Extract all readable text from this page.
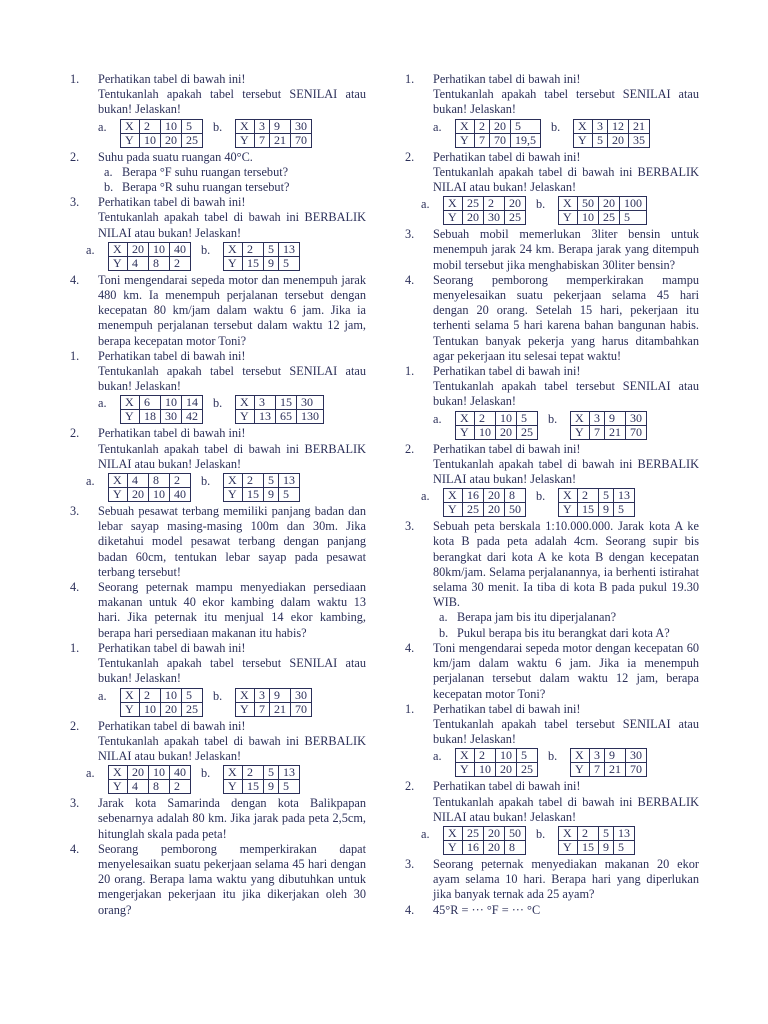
1. Perhatikan tabel di bawah ini!

Tentukanlah apakah tabel tersebut SENILAI atau bukan! Jelaskan!

a.	X	2	10	5
Y	10	20	25
b.	X	3	9	30
Y	7	21	70
2. Suhu pada suatu ruangan 40°C.

a. Berapa °F suhu ruangan tersebut?
b. Berapa °R suhu ruangan tersebut?
3. Perhatikan tabel di bawah ini!

Tentukanlah apakah tabel di bawah ini BERBALIK NILAI atau bukan! Jelaskan!

a.	X	20	10	40
Y	4	8	2
b.	X	2	5	13
Y	15	9	5
4. Toni mengendarai sepeda motor dan menempuh jarak 480 km. Ia menempuh perjalanan tersebut dengan kecepatan 80 km/jam dalam waktu 6 jam. Jika ia menempuh perjalanan tersebut dalam waktu 12 jam, berapa kecepatan motor Toni?

1. Perhatikan tabel di bawah ini!

Tentukanlah apakah tabel tersebut SENILAI atau bukan! Jelaskan!

a.	X	6	10	14
Y	18	30	42
b.	X	3	15	30
Y	13	65	130
2. Perhatikan tabel di bawah ini!

Tentukanlah apakah tabel di bawah ini BERBALIK NILAI atau bukan! Jelaskan!

a.	X	4	8	2
Y	20	10	40
b.	X	2	5	13
Y	15	9	5
3. Sebuah pesawat terbang memiliki panjang badan dan lebar sayap masing-masing 100m dan 30m. Jika diketahui model pesawat terbang dengan panjang badan 60cm, tentukan lebar sayap pada pesawat terbang tersebut!

4. Seorang peternak mampu menyediakan persediaan makanan untuk 40 ekor kambing dalam waktu 13 hari. Jika peternak itu menjual 14 ekor kambing, berapa hari persediaan makanan itu habis?

1. Perhatikan tabel di bawah ini!

Tentukanlah apakah tabel tersebut SENILAI atau bukan! Jelaskan!

a.	X	2	10	5
Y	10	20	25
b.	X	3	9	30
Y	7	21	70
2. Perhatikan tabel di bawah ini!

Tentukanlah apakah tabel di bawah ini BERBALIK NILAI atau bukan! Jelaskan!

a.	X	20	10	40
Y	4	8	2
b.	X	2	5	13
Y	15	9	5
3. Jarak kota Samarinda dengan kota Balikpapan sebenarnya adalah 80 km. Jika jarak pada peta 2,5cm, hitunglah skala pada peta!

4. Seorang pemborong memperkirakan dapat menyelesaikan suatu pekerjaan selama 45 hari dengan 20 orang. Berapa lama waktu yang dibutuhkan untuk mengerjakan pekerjaan itu jika dikerjakan oleh 30 orang?

1. Perhatikan tabel di bawah ini!

Tentukanlah apakah tabel tersebut SENILAI atau bukan! Jelaskan!

a.	X	2	20	5
Y	7	70	19,5
b.	X	3	12	21
Y	5	20	35
2. Perhatikan tabel di bawah ini!

Tentukanlah apakah tabel di bawah ini BERBALIK NILAI atau bukan! Jelaskan!

a.	X	25	2	20
Y	20	30	25
b.	X	50	20	100
Y	10	25	5
3. Sebuah mobil memerlukan 3liter bensin untuk menempuh jarak 24 km. Berapa jarak yang ditempuh mobil tersebut jika menghabiskan 30liter bensin?

4. Seorang pemborong memperkirakan mampu menyelesaikan suatu pekerjaan selama 45 hari dengan 20 orang. Setelah 15 hari, pekerjaan itu terhenti selama 5 hari karena bahan bangunan habis. Tentukan banyak pekerja yang harus ditambahkan agar pekerjaan itu selesai tepat waktu!

1. Perhatikan tabel di bawah ini!

Tentukanlah apakah tabel tersebut SENILAI atau bukan! Jelaskan!

a.	X	2	10	5
Y	10	20	25
b.	X	3	9	30
Y	7	21	70
2. Perhatikan tabel di bawah ini!

Tentukanlah apakah tabel di bawah ini BERBALIK NILAI atau bukan! Jelaskan!

a.	X	16	20	8
Y	25	20	50
b.	X	2	5	13
Y	15	9	5
3. Sebuah peta berskala 1:10.000.000. Jarak kota A ke kota B pada peta adalah 4cm. Seorang supir bis berangkat dari kota A ke kota B dengan kecepatan 80km/jam. Selama perjalanannya, ia berhenti istirahat selama 30 menit. Ia tiba di kota B pada pukul 19.30 WIB.

a. Berapa jam bis itu diperjalanan?
b. Pukul berapa bis itu berangkat dari kota A?
4. Toni mengendarai sepeda motor dengan kecepatan 60 km/jam dalam waktu 6 jam. Jika ia menempuh perjalanan tersebut dalam waktu 12 jam, berapa kecepatan motor Toni?

1. Perhatikan tabel di bawah ini!

Tentukanlah apakah tabel tersebut SENILAI atau bukan! Jelaskan!

a.	X	2	10	5
Y	10	20	25
b.	X	3	9	30
Y	7	21	70
2. Perhatikan tabel di bawah ini!

Tentukanlah apakah tabel di bawah ini BERBALIK NILAI atau bukan! Jelaskan!

a.	X	25	20	50
Y	16	20	8
b.	X	2	5	13
Y	15	9	5
3. Seorang peternak menyediakan makanan 20 ekor ayam selama 10 hari. Berapa hari yang diperlukan jika banyak ternak ada 25 ayam?

4. 45°R = ··· °F = ··· °C
